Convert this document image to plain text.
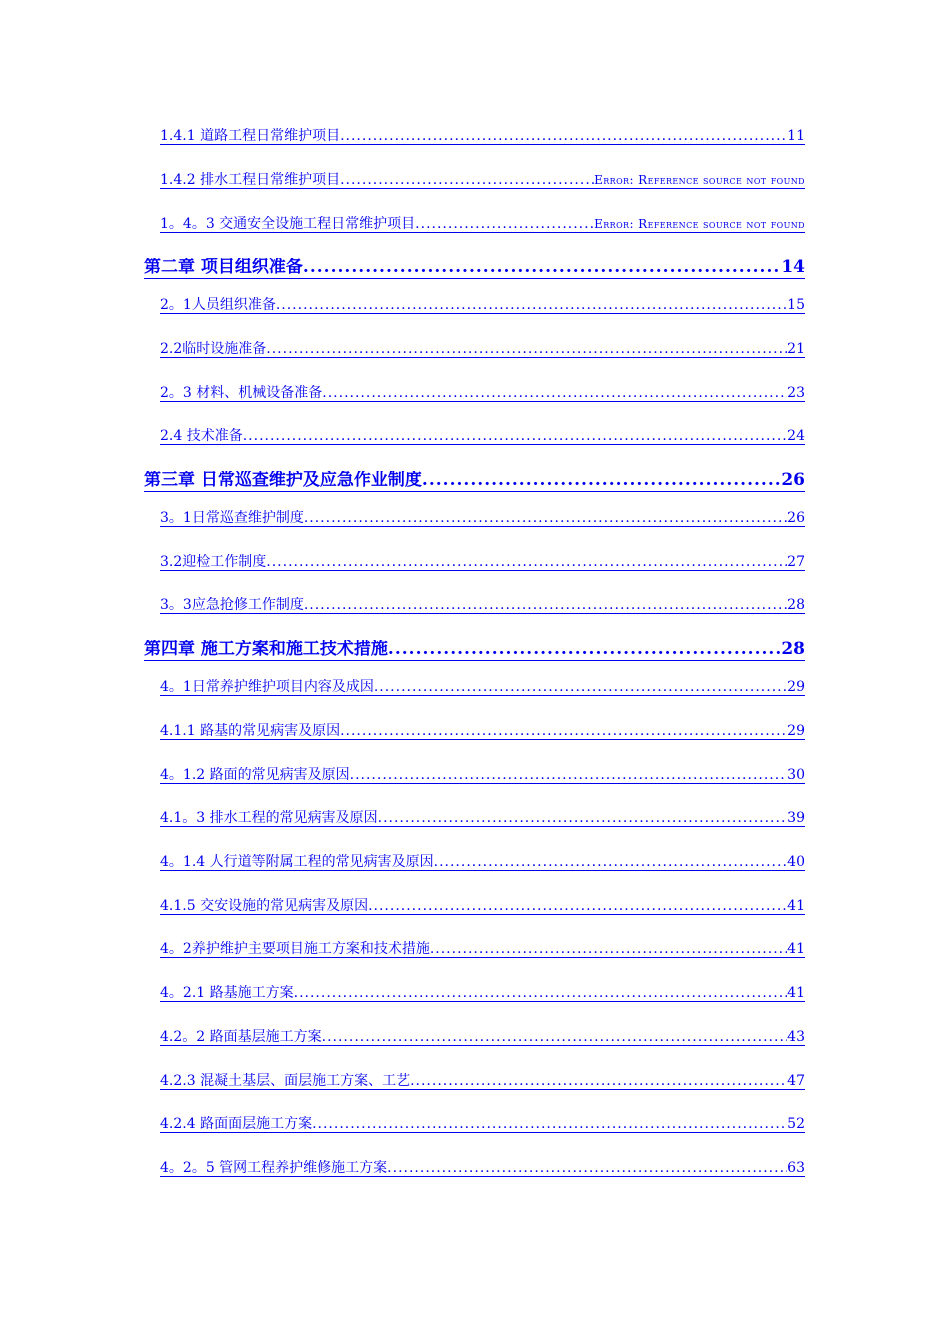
1.4.1 道路工程日常维护项目 .....	11
1.4.2 排水工程日常维护项目 .....	Error: Reference source not found
1。4。3 交通安全设施工程日常维护项目 .....	Error: Reference source not found
第二章 项目组织准备 .....	14
2。1人员组织准备 .....	15
2.2临时设施准备 .....	21
2。3 材料、机械设备准备 .....	23
2.4 技术准备 .....	24
第三章 日常巡查维护及应急作业制度 .....	26
3。1日常巡查维护制度 .....	26
3.2迎检工作制度 .....	27
3。3应急抢修工作制度 .....	28
第四章 施工方案和施工技术措施 .....	28
4。1日常养护维护项目内容及成因 .....	29
4.1.1 路基的常见病害及原因 .....	29
4。1.2 路面的常见病害及原因 .....	30
4.1。3 排水工程的常见病害及原因 .....	39
4。1.4 人行道等附属工程的常见病害及原因 .....	40
4.1.5 交安设施的常见病害及原因 .....	41
4。2养护维护主要项目施工方案和技术措施 .....	41
4。2.1 路基施工方案 .....	41
4.2。2 路面基层施工方案 .....	43
4.2.3 混凝土基层、面层施工方案、工艺 .....	47
4.2.4 路面面层施工方案 .....	52
4。2。5 管网工程养护维修施工方案 .....	63
